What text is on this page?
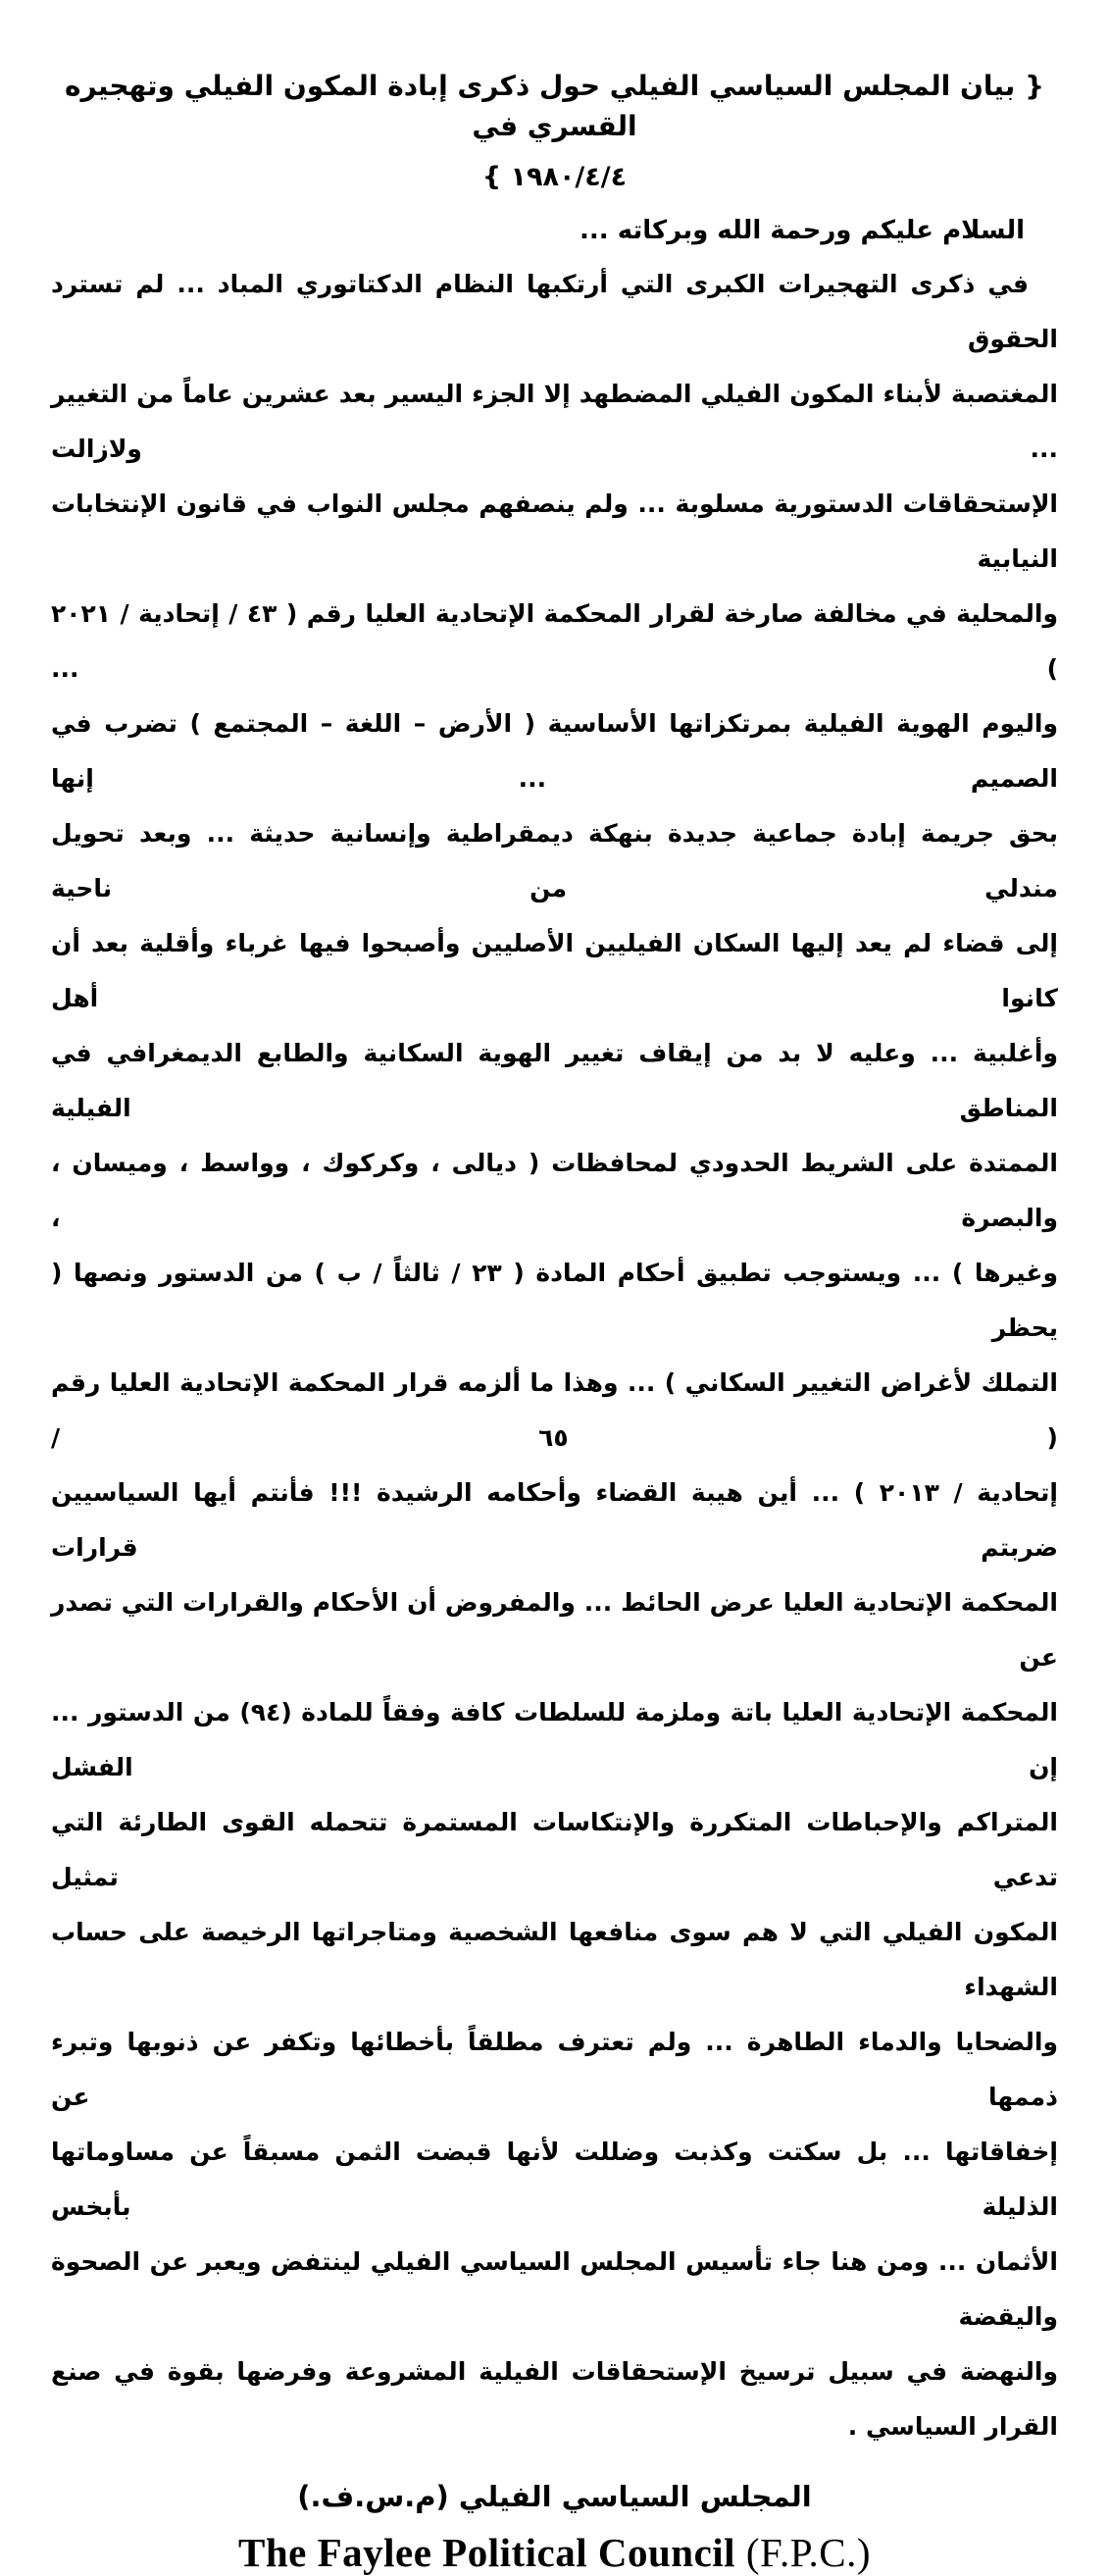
{ بيان المجلس السياسي الفيلي حول ذكرى إبادة المكون الفيلي وتهجيره القسري في
١٩٨٠/٤/٤ }
السلام عليكم ورحمة الله وبركاته ...
في ذكرى التهجيرات الكبرى التي أرتكبها النظام الدكتاتوري المباد ... لم تسترد الحقوق
المغتصبة لأبناء المكون الفيلي المضطهد إلا الجزء اليسير بعد عشرين عاماً من التغيير ... ولازالت
الإستحقاقات الدستورية مسلوبة ... ولم ينصفهم مجلس النواب في قانون الإنتخابات النيابية
والمحلية في مخالفة صارخة لقرار المحكمة الإتحادية العليا رقم ( ٤٣ / إتحادية / ٢٠٢١ ) ...
واليوم الهوية الفيلية بمرتكزاتها الأساسية ( الأرض – اللغة – المجتمع ) تضرب في الصميم ... إنها
بحق جريمة إبادة جماعية جديدة بنهكة ديمقراطية وإنسانية حديثة ... وبعد تحويل مندلي من ناحية
إلى قضاء لم يعد إليها السكان الفيليين الأصليين وأصبحوا فيها غرباء وأقلية بعد أن كانوا أهل
وأغلبية ... وعليه لا بد من إيقاف تغيير الهوية السكانية والطابع الديمغرافي في المناطق الفيلية
الممتدة على الشريط الحدودي لمحافظات ( ديالى ، وكركوك ، وواسط ، وميسان ، والبصرة ،
وغيرها ) ... ويستوجب تطبيق أحكام المادة ( ٢٣ / ثالثاً / ب ) من الدستور ونصها ( يحظر
التملك لأغراض التغيير السكاني ) ... وهذا ما ألزمه قرار المحكمة الإتحادية العليا رقم ( ٦٥ /
إتحادية / ٢٠١٣ ) ... أين هيبة القضاء وأحكامه الرشيدة !!! فأنتم أيها السياسيين ضربتم قرارات
المحكمة الإتحادية العليا عرض الحائط ... والمفروض أن الأحكام والقرارات التي تصدر عن
المحكمة الإتحادية العليا باتة وملزمة للسلطات كافة وفقاً للمادة (٩٤) من الدستور ... إن الفشل
المتراكم والإحباطات المتكررة والإنتكاسات المستمرة تتحمله القوى الطارئة التي تدعي تمثيل
المكون الفيلي التي لا هم سوى منافعها الشخصية ومتاجراتها الرخيصة على حساب الشهداء
والضحايا والدماء الطاهرة ... ولم تعترف مطلقاً بأخطائها وتكفر عن ذنوبها وتبرء ذممها عن
إخفاقاتها ... بل سكتت وكذبت وضللت لأنها قبضت الثمن مسبقاً عن مساوماتها الذليلة بأبخس
الأثمان ... ومن هنا جاء تأسيس المجلس السياسي الفيلي لينتفض ويعبر عن الصحوة واليقضة
والنهضة في سبيل ترسيخ الإستحقاقات الفيلية المشروعة وفرضها بقوة في صنع القرار السياسي .
المجلس السياسي الفيلي (م.س.ف.)
The Faylee Political Council (F.P.C.)
